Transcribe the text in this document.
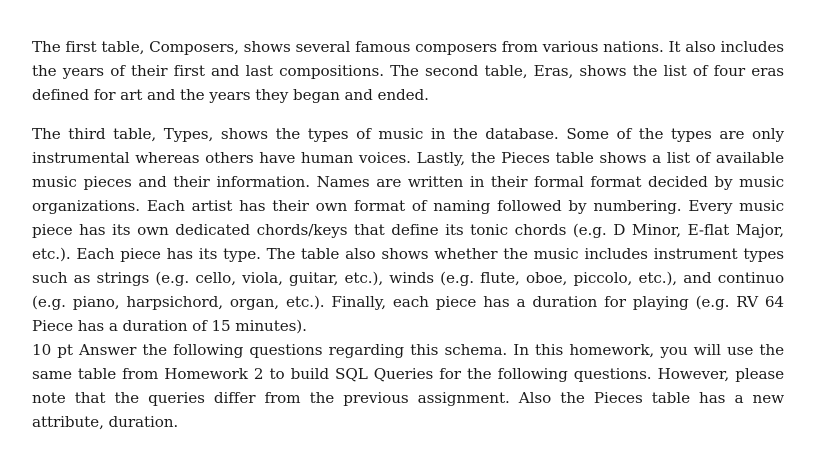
The first table, Composers, shows several famous composers from various nations. It also includes the years of their first and last compositions. The second table, Eras, shows the list of four eras defined for art and the years they began and ended.

The third table, Types, shows the types of music in the database. Some of the types are only instrumental whereas others have human voices. Lastly, the Pieces table shows a list of available music pieces and their information. Names are written in their formal format decided by music organizations. Each artist has their own format of naming followed by numbering. Every music piece has its own dedicated chords/keys that define its tonic chords (e.g. D Minor, E-flat Major, etc.). Each piece has its type. The table also shows whether the music includes instrument types such as strings (e.g. cello, viola, guitar, etc.), winds (e.g. flute, oboe, piccolo, etc.), and continuo (e.g. piano, harpsichord, organ, etc.). Finally, each piece has a duration for playing (e.g. RV 64 Piece has a duration of 15 minutes).

10 pt Answer the following questions regarding this schema. In this homework, you will use the same table from Homework 2 to build SQL Queries for the following questions. However, please note that the queries differ from the previous assignment. Also the Pieces table has a new attribute, duration.
